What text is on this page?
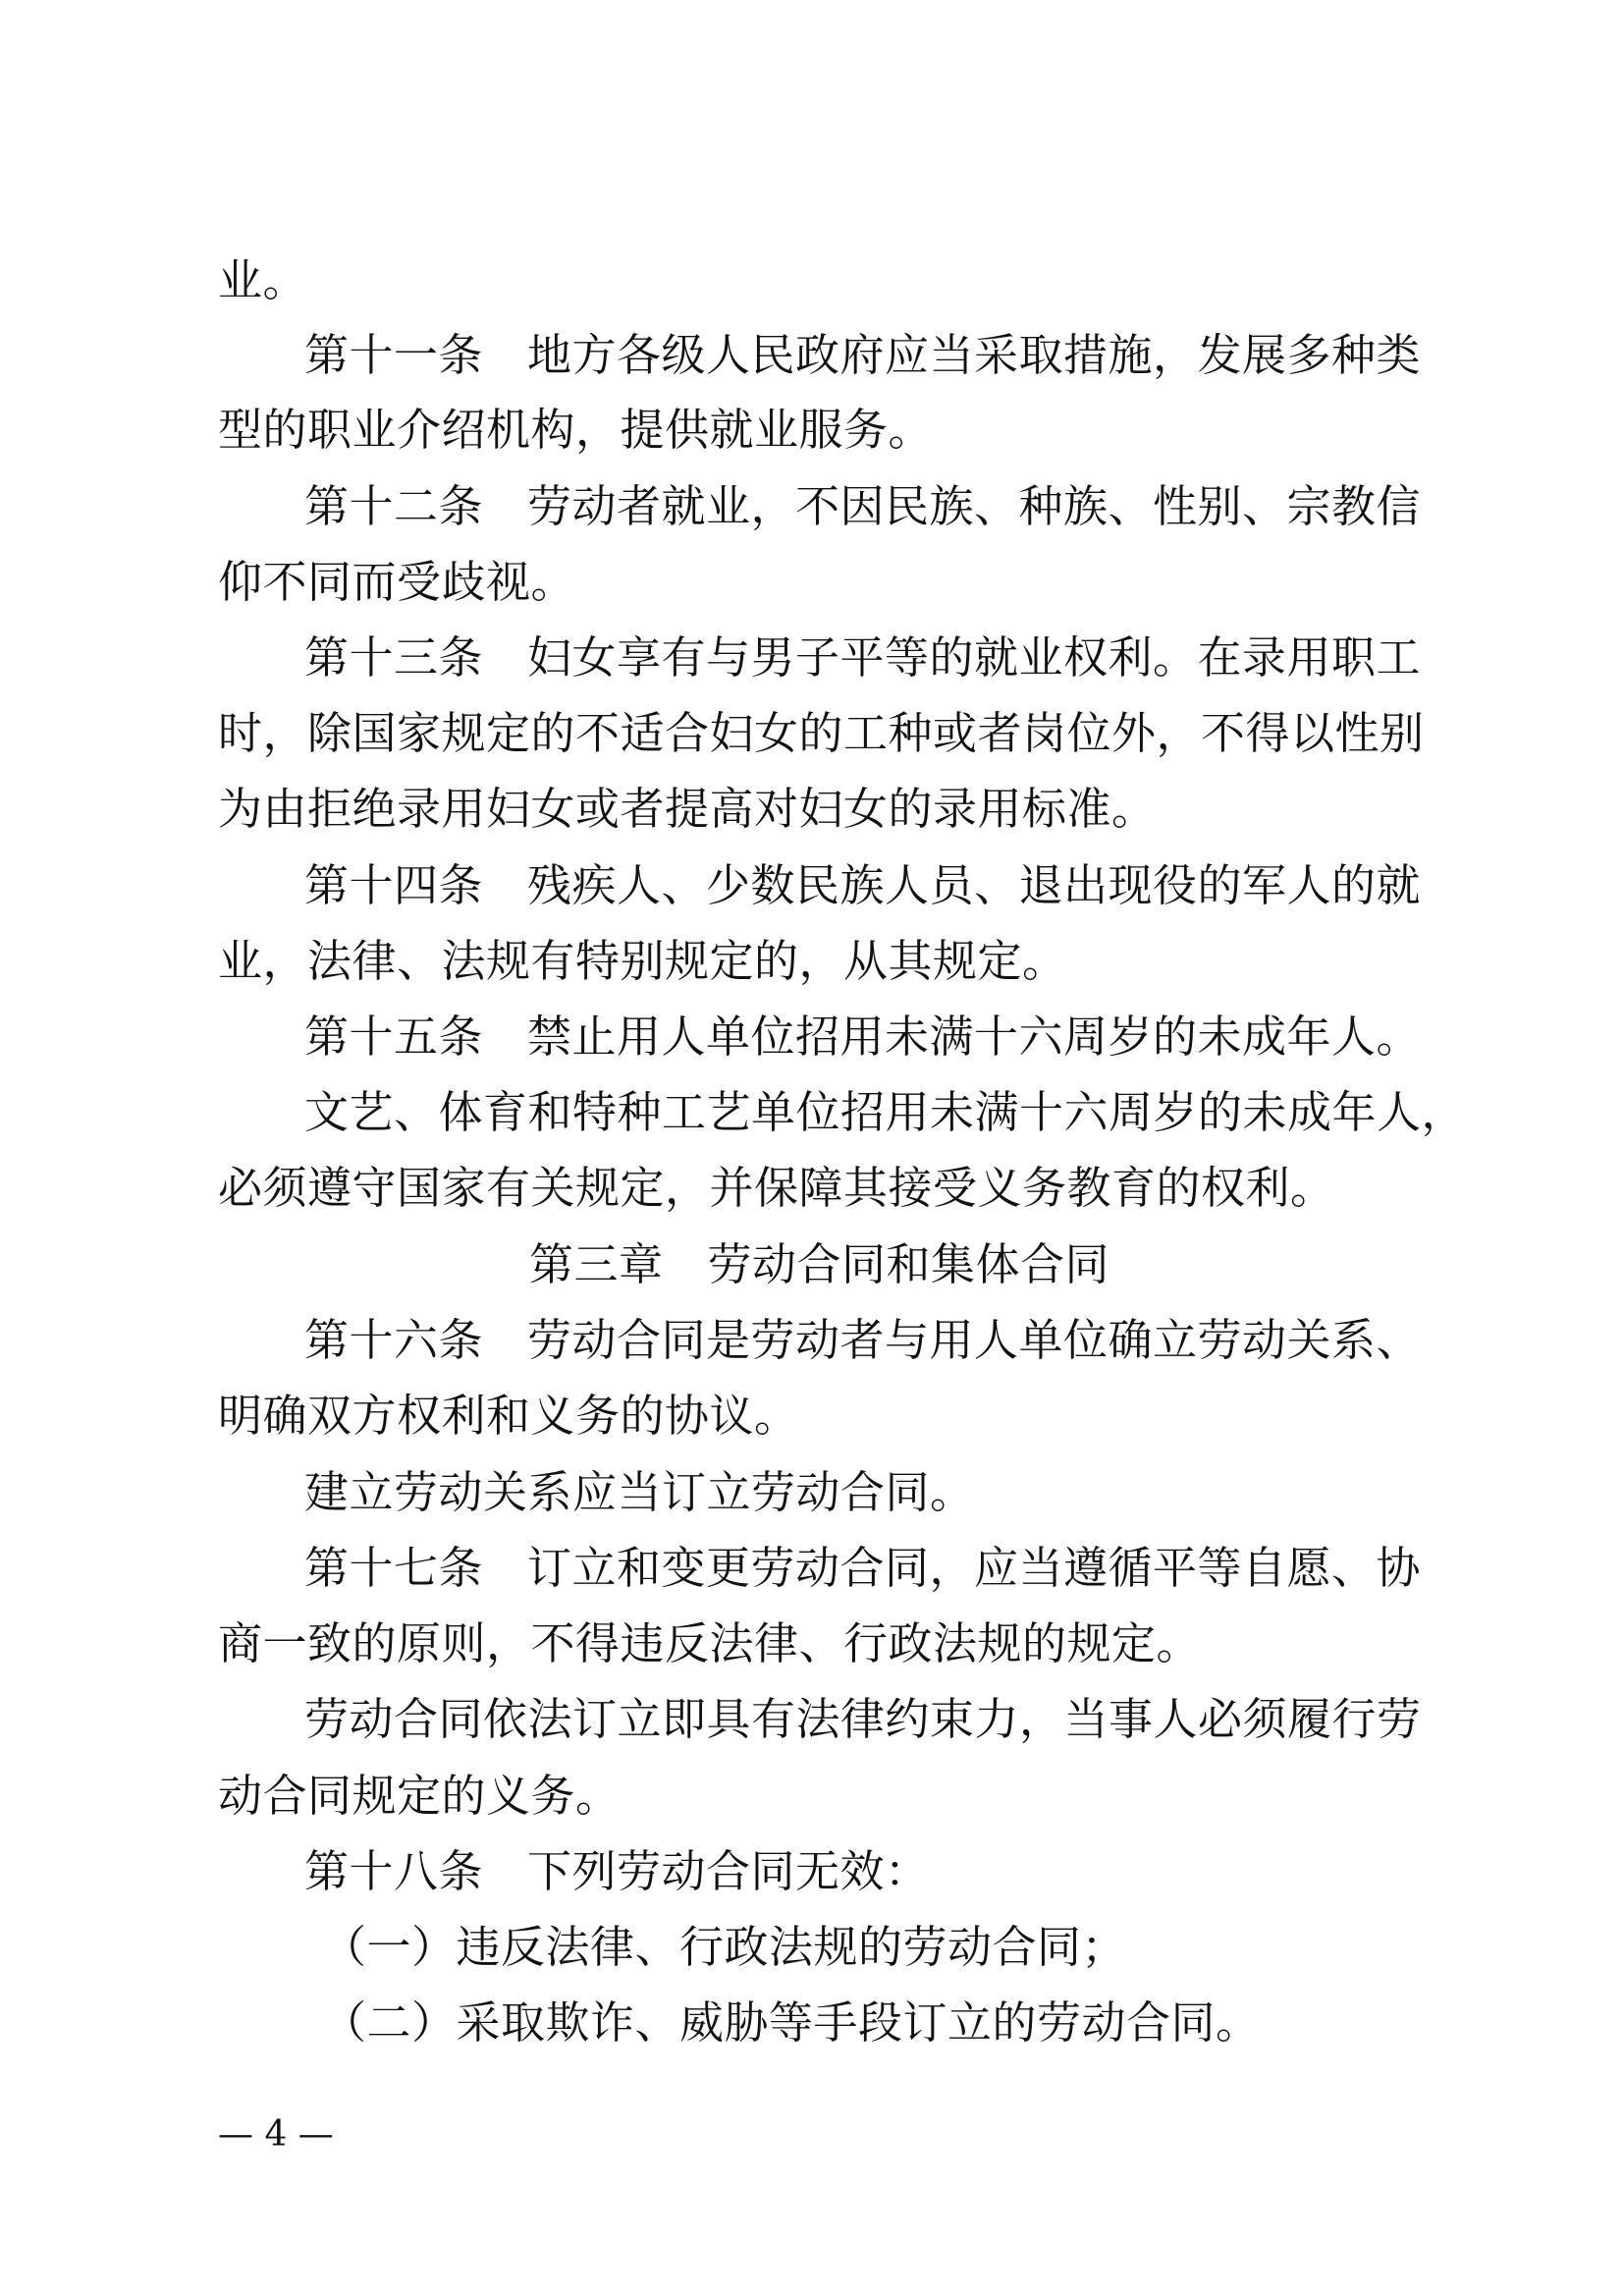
业。
第十一条 地方各级人民政府应当采取措施，发展多种类
型的职业介绍机构，提供就业服务。
第十二条 劳动者就业，不因民族、种族、性别、宗教信
仰不同而受歧视。
第十三条 妇女享有与男子平等的就业权利。在录用职工
时，除国家规定的不适合妇女的工种或者岗位外，不得以性别
为由拒绝录用妇女或者提高对妇女的录用标准。
第十四条 残疾人、少数民族人员、退出现役的军人的就
业，法律、法规有特别规定的，从其规定。
第十五条 禁止用人单位招用未满十六周岁的未成年人。
文艺、体育和特种工艺单位招用未满十六周岁的未成年人，
必须遵守国家有关规定，并保障其接受义务教育的权利。
第三章 劳动合同和集体合同
第十六条 劳动合同是劳动者与用人单位确立劳动关系、
明确双方权利和义务的协议。
建立劳动关系应当订立劳动合同。
第十七条 订立和变更劳动合同，应当遵循平等自愿、协
商一致的原则，不得违反法律、行政法规的规定。
劳动合同依法订立即具有法律约束力，当事人必须履行劳
动合同规定的义务。
第十八条 下列劳动合同无效：
（一）违反法律、行政法规的劳动合同；
（二）采取欺诈、威胁等手段订立的劳动合同。
— 4 —
